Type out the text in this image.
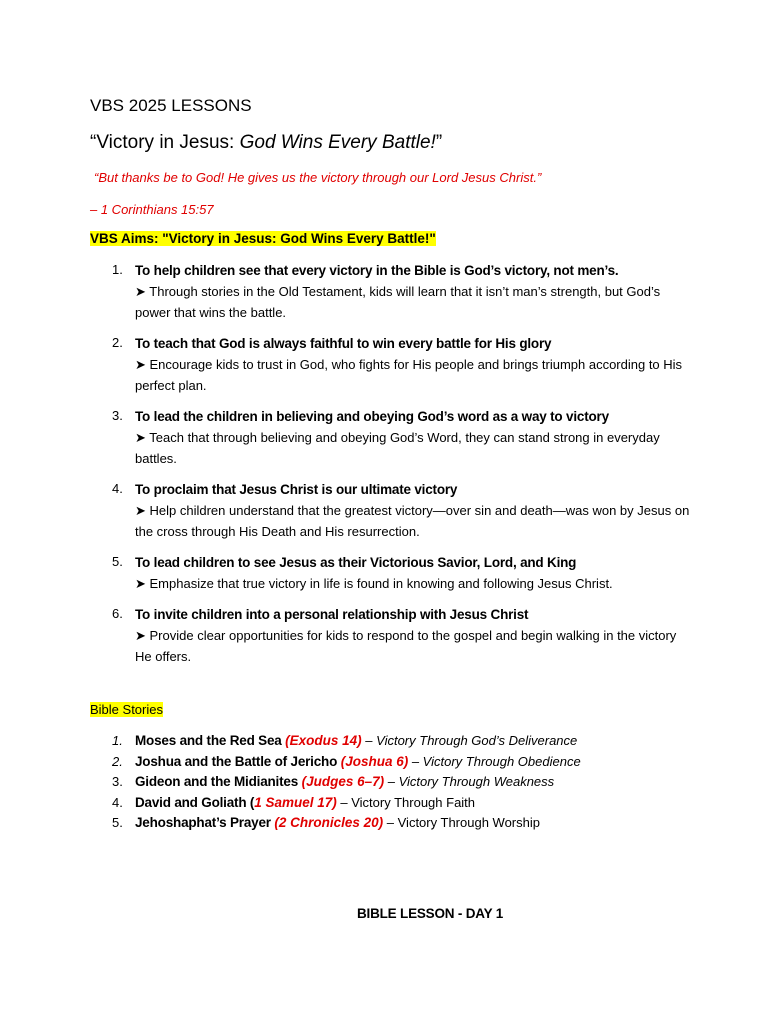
VBS 2025 LESSONS
“Victory in Jesus: God Wins Every Battle!”
“But thanks be to God! He gives us the victory through our Lord Jesus Christ.”
– 1 Corinthians 15:57
VBS Aims: "Victory in Jesus: God Wins Every Battle!"
1. To help children see that every victory in the Bible is God’s victory, not men’s.
➤ Through stories in the Old Testament, kids will learn that it isn’t man’s strength, but God’s power that wins the battle.
2. To teach that God is always faithful to win every battle for His glory
➤ Encourage kids to trust in God, who fights for His people and brings triumph according to His perfect plan.
3. To lead the children in believing and obeying God’s word as a way to victory
➤ Teach that through believing and obeying God’s Word, they can stand strong in everyday battles.
4. To proclaim that Jesus Christ is our ultimate victory
➤ Help children understand that the greatest victory—over sin and death—was won by Jesus on the cross through His Death and His resurrection.
5. To lead children to see Jesus as their Victorious Savior, Lord, and King
➤ Emphasize that true victory in life is found in knowing and following Jesus Christ.
6. To invite children into a personal relationship with Jesus Christ
➤ Provide clear opportunities for kids to respond to the gospel and begin walking in the victory He offers.
Bible Stories
1. Moses and the Red Sea (Exodus 14) – Victory Through God’s Deliverance
2. Joshua and the Battle of Jericho (Joshua 6) – Victory Through Obedience
3. Gideon and the Midianites (Judges 6–7) – Victory Through Weakness
4. David and Goliath (1 Samuel 17) – Victory Through Faith
5. Jehoshaphat’s Prayer (2 Chronicles 20) – Victory Through Worship
BIBLE LESSON - DAY 1
